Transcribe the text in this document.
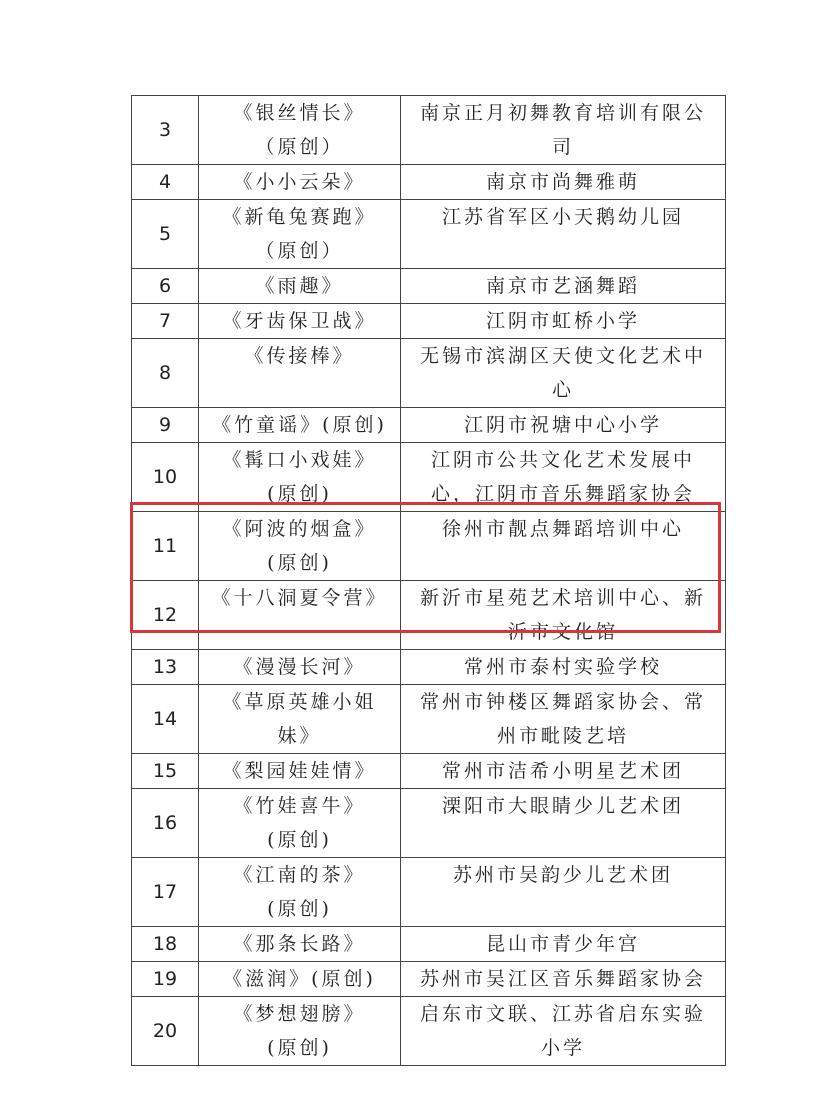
3	《银丝情长》
（原创）	南京正月初舞教育培训有限公
司

4	《小小云朵》	南京市尚舞雅萌

5	《新龟兔赛跑》
（原创）	江苏省军区小天鹅幼儿园

6	《雨趣》	南京市艺涵舞蹈

7	《牙齿保卫战》	江阴市虹桥小学

8	《传接棒》	无锡市滨湖区天使文化艺术中
心

9	《竹童谣》(原创)	江阴市祝塘中心小学

10	《髯口小戏娃》
(原创)	江阴市公共文化艺术发展中
心，江阴市音乐舞蹈家协会

11	《阿波的烟盒》
(原创)	徐州市靓点舞蹈培训中心

12	《十八洞夏令营》	新沂市星苑艺术培训中心、新
沂市文化馆

13	《漫漫长河》	常州市泰村实验学校

14	《草原英雄小姐
妹》	常州市钟楼区舞蹈家协会、常
州市毗陵艺培

15	《梨园娃娃情》	常州市洁希小明星艺术团

16	《竹娃喜牛》
(原创)	溧阳市大眼睛少儿艺术团

17	《江南的茶》
(原创)	苏州市吴韵少儿艺术团

18	《那条长路》	昆山市青少年宫

19	《滋润》(原创)	苏州市吴江区音乐舞蹈家协会

20	《梦想翅膀》
(原创)	启东市文联、江苏省启东实验
小学
